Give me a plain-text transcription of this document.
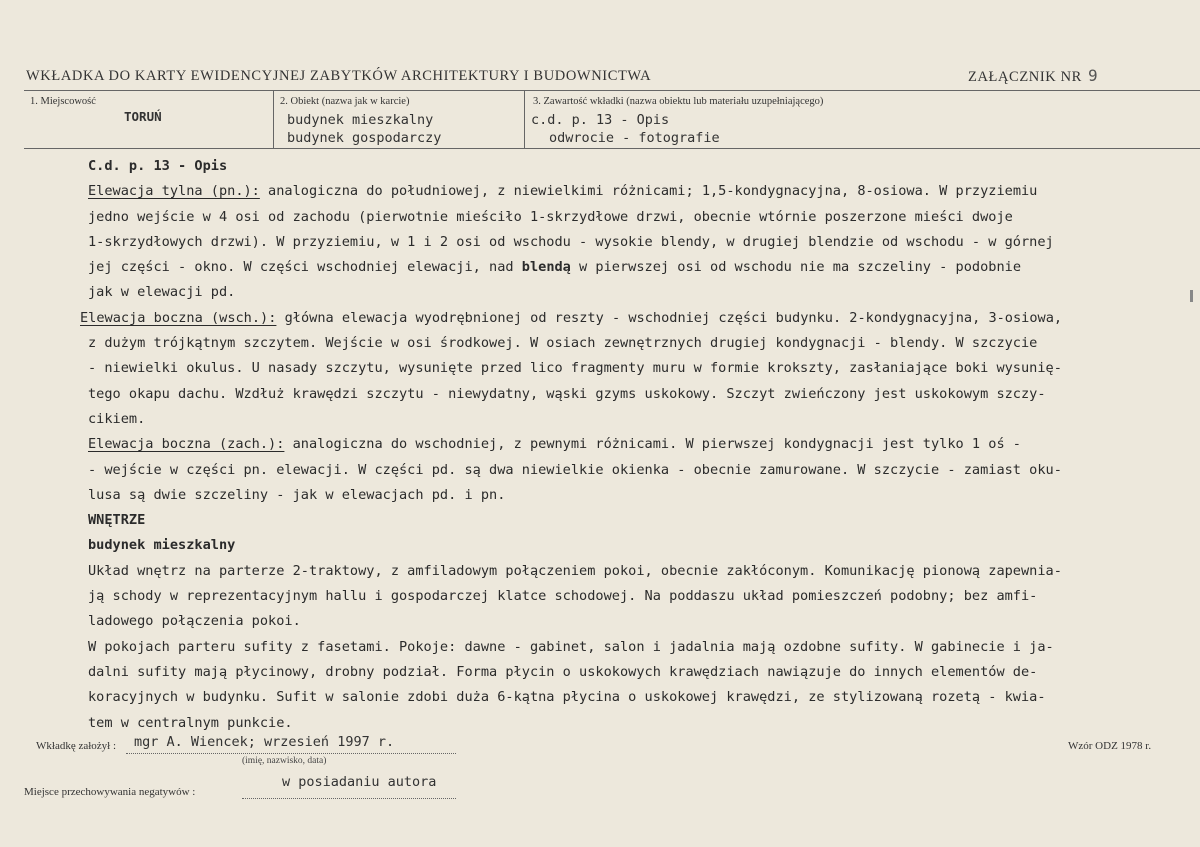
WKŁADKA DO KARTY EWIDENCYJNEJ ZABYTKÓW ARCHITEKTURY I BUDOWNICTWA	ZAŁĄCZNIK NR 9
1. Miejscowość
TORUŃ
2. Obiekt (nazwa jak w karcie)
budynek mieszkalny
budynek gospodarczy
3. Zawartość wkładki (nazwa obiektu lub materiału uzupełniającego)
c.d. p. 13 - Opis
odwrocie - fotografie
C.d. p. 13 - Opis
Elewacja tylna (pn.): analogiczna do południowej, z niewielkimi różnicami; 1,5-kondygnacyjna, 8-osiowa. W przyziemiu
jedno wejście w 4 osi od zachodu (pierwotnie mieściło 1-skrzydłowe drzwi, obecnie wtórnie poszerzone mieści dwoje
1-skrzydłowych drzwi). W przyziemiu, w 1 i 2 osi od wschodu - wysokie blendy, w drugiej blendzie od wschodu - w górnej
jej części - okno. W części wschodniej elewacji, nad blendą w pierwszej osi od wschodu nie ma szczeliny - podobnie
jak w elewacji pd.
Elewacja boczna (wsch.): główna elewacja wyodrębnionej od reszty - wschodniej części budynku. 2-kondygnacyjna, 3-osiowa,
z dużym trójkątnym szczytem. Wejście w osi środkowej. W osiach zewnętrznych drugiej kondygnacji - blendy. W szczycie
- niewielki okulus. U nasady szczytu, wysunięte przed lico fragmenty muru w formie krokszty, zasłaniające boki wysunię-
tego okapu dachu. Wzdłuż krawędzi szczytu - niewydatny, wąski gzyms uskokowy. Szczyt zwieńczony jest uskokowym szczy-
cikiem.
Elewacja boczna (zach.): analogiczna do wschodniej, z pewnymi różnicami. W pierwszej kondygnacji jest tylko 1 oś -
- wejście w części pn. elewacji. W części pd. są dwa niewielkie okienka - obecnie zamurowane. W szczycie - zamiast oku-
lusa są dwie szczeliny - jak w elewacjach pd. i pn.
WNĘTRZE
budynek mieszkalny
Układ wnętrz na parterze 2-traktowy, z amfiladowym połączeniem pokoi, obecnie zakłóconym. Komunikację pionową zapewnia-
ją schody w reprezentacyjnym hallu i gospodarczej klatce schodowej. Na poddaszu układ pomieszczeń podobny; bez amfi-
ladowego połączenia pokoi.
W pokojach parteru sufity z fasetami. Pokoje: dawne - gabinet, salon i jadalnia mają ozdobne sufity. W gabinecie i ja-
dalni sufity mają płycinowy, drobny podział. Forma płycin o uskokowych krawędziach nawiązuje do innych elementów de-
koracyjnych w budynku. Sufit w salonie zdobi duża 6-kątna płycina o uskokowej krawędzi, ze stylizowaną rozetą - kwia-
tem w centralnym punkcie.
Wkładkę założył : mgr A. Wiencek; wrzesień 1997 r.
(imię, nazwisko, data)
Miejsce przechowywania negatywów :
w posiadaniu autora
Wzór ODZ 1978 r.
